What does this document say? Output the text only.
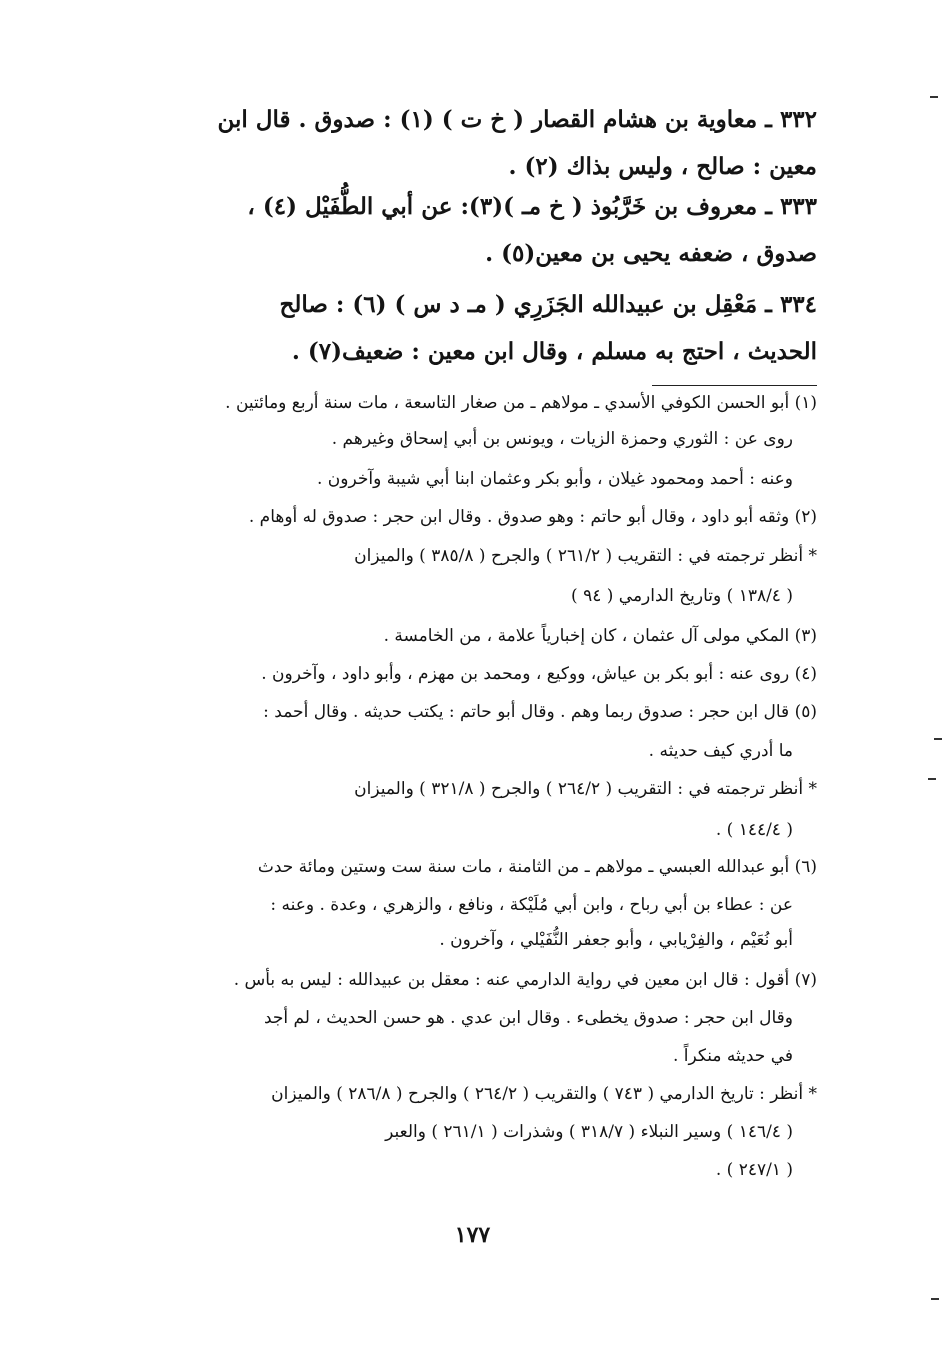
٣٣٢ ـ معاوية بن هشام القصار ( خ ت ) (١) : صدوق . قال ابن
معين : صالح ، وليس بذاك (٢) .
٣٣٣ ـ معروف بن خَرَّبُوذ ( خ مـ )(٣): عن أبي الطُّفَيْل (٤) ،
صدوق ، ضعفه يحيى بن معين(٥) .
٣٣٤ ـ مَعْقِل بن عبيدالله الجَزَرِي ( مـ د س ) (٦) : صالح
الحديث ، احتج به مسلم ، وقال ابن معين : ضعيف(٧) .
(١) أبو الحسن الكوفي الأسدي ـ مولاهم ـ من صغار التاسعة ، مات سنة أربع ومائتين .
روى عن : الثوري وحمزة الزيات ، ويونس بن أبي إسحاق وغيرهم .
وعنه : أحمد ومحمود غيلان ، وأبو بكر وعثمان ابنا أبي شيبة وآخرون .
(٢) وثقه أبو داود ، وقال أبو حاتم : وهو صدوق . وقال ابن حجر : صدوق له أوهام .
* أنظر ترجمته في : التقريب ( ٢٦١/٢ ) والجرح ( ٣٨٥/٨ ) والميزان
( ١٣٨/٤ ) وتاريخ الدارمي ( ٩٤ )
(٣) المكي مولى آل عثمان ، كان إخبارياً علامة ، من الخامسة .
(٤) روى عنه : أبو بكر بن عياش، ووكيع ، ومحمد بن مهزم ، وأبو داود ، وآخرون .
(٥) قال ابن حجر : صدوق ربما وهم . وقال أبو حاتم : يكتب حديثه . وقال أحمد :
ما أدري كيف حديثه .
* أنظر ترجمته في : التقريب ( ٢٦٤/٢ ) والجرح ( ٣٢١/٨ ) والميزان
( ١٤٤/٤ ) .
(٦) أبو عبدالله العبسي ـ مولاهم ـ من الثامنة ، مات سنة ست وستين ومائة حدث
عن : عطاء بن أبي رباح ، وابن أبي مُلَيْكة ، ونافع ، والزهري ، وعدة . وعنه :
أبو نُعَيْم ، والفِرْيابي ، وأبو جعفر النُّفَيْلي ، وآخرون .
(٧) أقول : قال ابن معين في رواية الدارمي عنه : معقل بن عبيدالله : ليس به بأس .
وقال ابن حجر : صدوق يخطىء . وقال ابن عدي . هو حسن الحديث ، لم أجد
في حديثه منكراً .
* أنظر : تاريخ الدارمي ( ٧٤٣ ) والتقريب ( ٢٦٤/٢ ) والجرح ( ٢٨٦/٨ ) والميزان
( ١٤٦/٤ ) وسير النبلاء ( ٣١٨/٧ ) وشذرات ( ٢٦١/١ ) والعبر
( ٢٤٧/١ ) .
١٧٧
